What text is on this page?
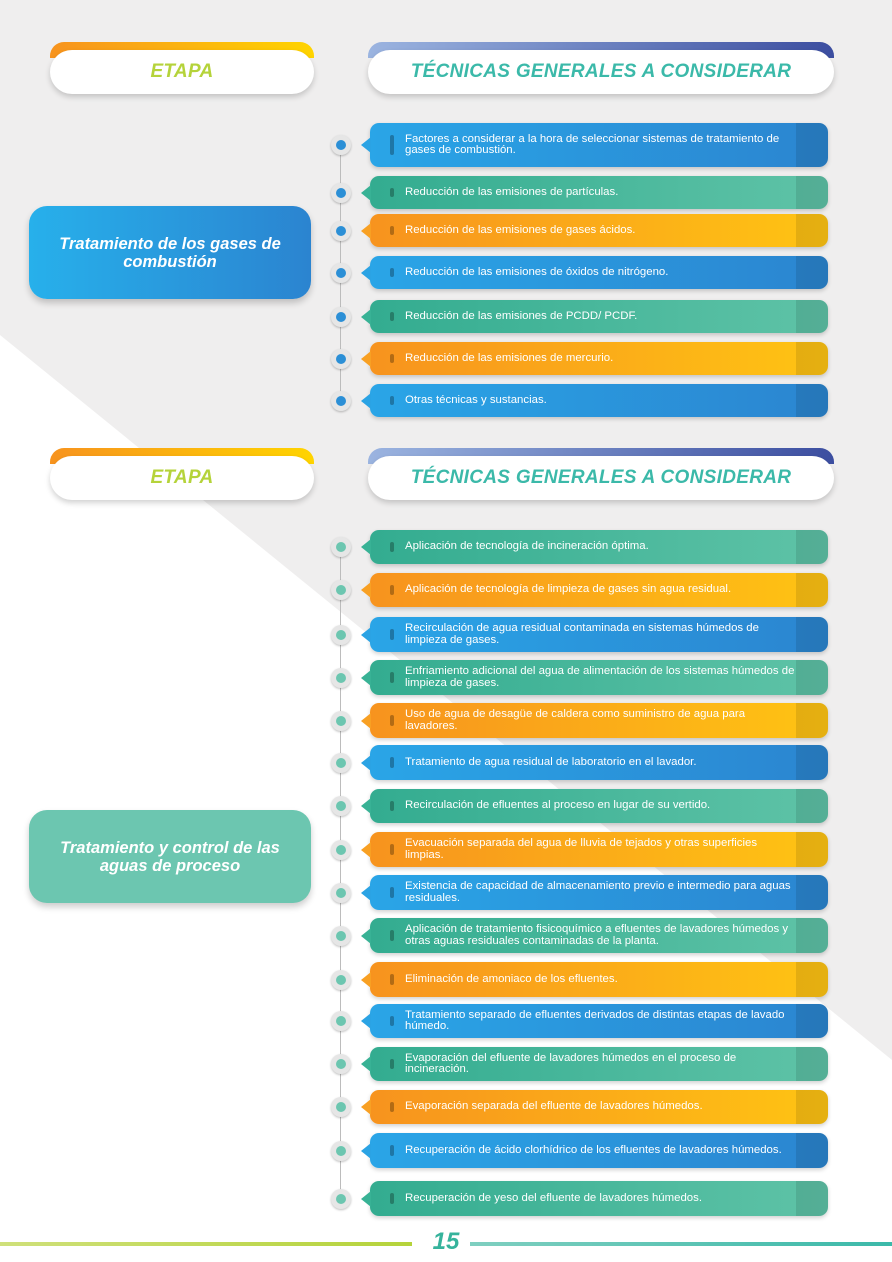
ETAPA	TÉCNICAS GENERALES A CONSIDERAR
Tratamiento de los gases de combustión
Factores a considerar a la hora de seleccionar sistemas de tratamiento de gases de combustión.
Reducción de las emisiones de partículas.
Reducción de las emisiones de gases ácidos.
Reducción de las emisiones de óxidos de nitrógeno.
Reducción de las emisiones de PCDD/ PCDF.
Reducción de las emisiones de mercurio.
Otras técnicas y sustancias.
ETAPA	TÉCNICAS GENERALES A CONSIDERAR
Tratamiento y control de las aguas de proceso
Aplicación de tecnología de incineración óptima.
Aplicación de tecnología de limpieza de gases sin agua residual.
Recirculación de agua residual contaminada en sistemas húmedos de limpieza de gases.
Enfriamiento adicional del agua de alimentación de los sistemas húmedos de limpieza de gases.
Uso de agua de desagüe de caldera como suministro de agua para lavadores.
Tratamiento de agua residual de laboratorio en el lavador.
Recirculación de efluentes al proceso en lugar de su vertido.
Evacuación separada del agua de lluvia de tejados y otras superficies limpias.
Existencia de capacidad de almacenamiento previo e intermedio para aguas residuales.
Aplicación de tratamiento fisicoquímico a efluentes de lavadores húmedos y otras aguas residuales contaminadas de la planta.
Eliminación de amoniaco de los efluentes.
Tratamiento separado de efluentes derivados de distintas etapas de lavado húmedo.
Evaporación del efluente de lavadores húmedos en el proceso de incineración.
Evaporación separada del efluente de lavadores húmedos.
Recuperación de ácido clorhídrico de los efluentes de lavadores húmedos.
Recuperación de yeso del efluente de lavadores húmedos.
15
